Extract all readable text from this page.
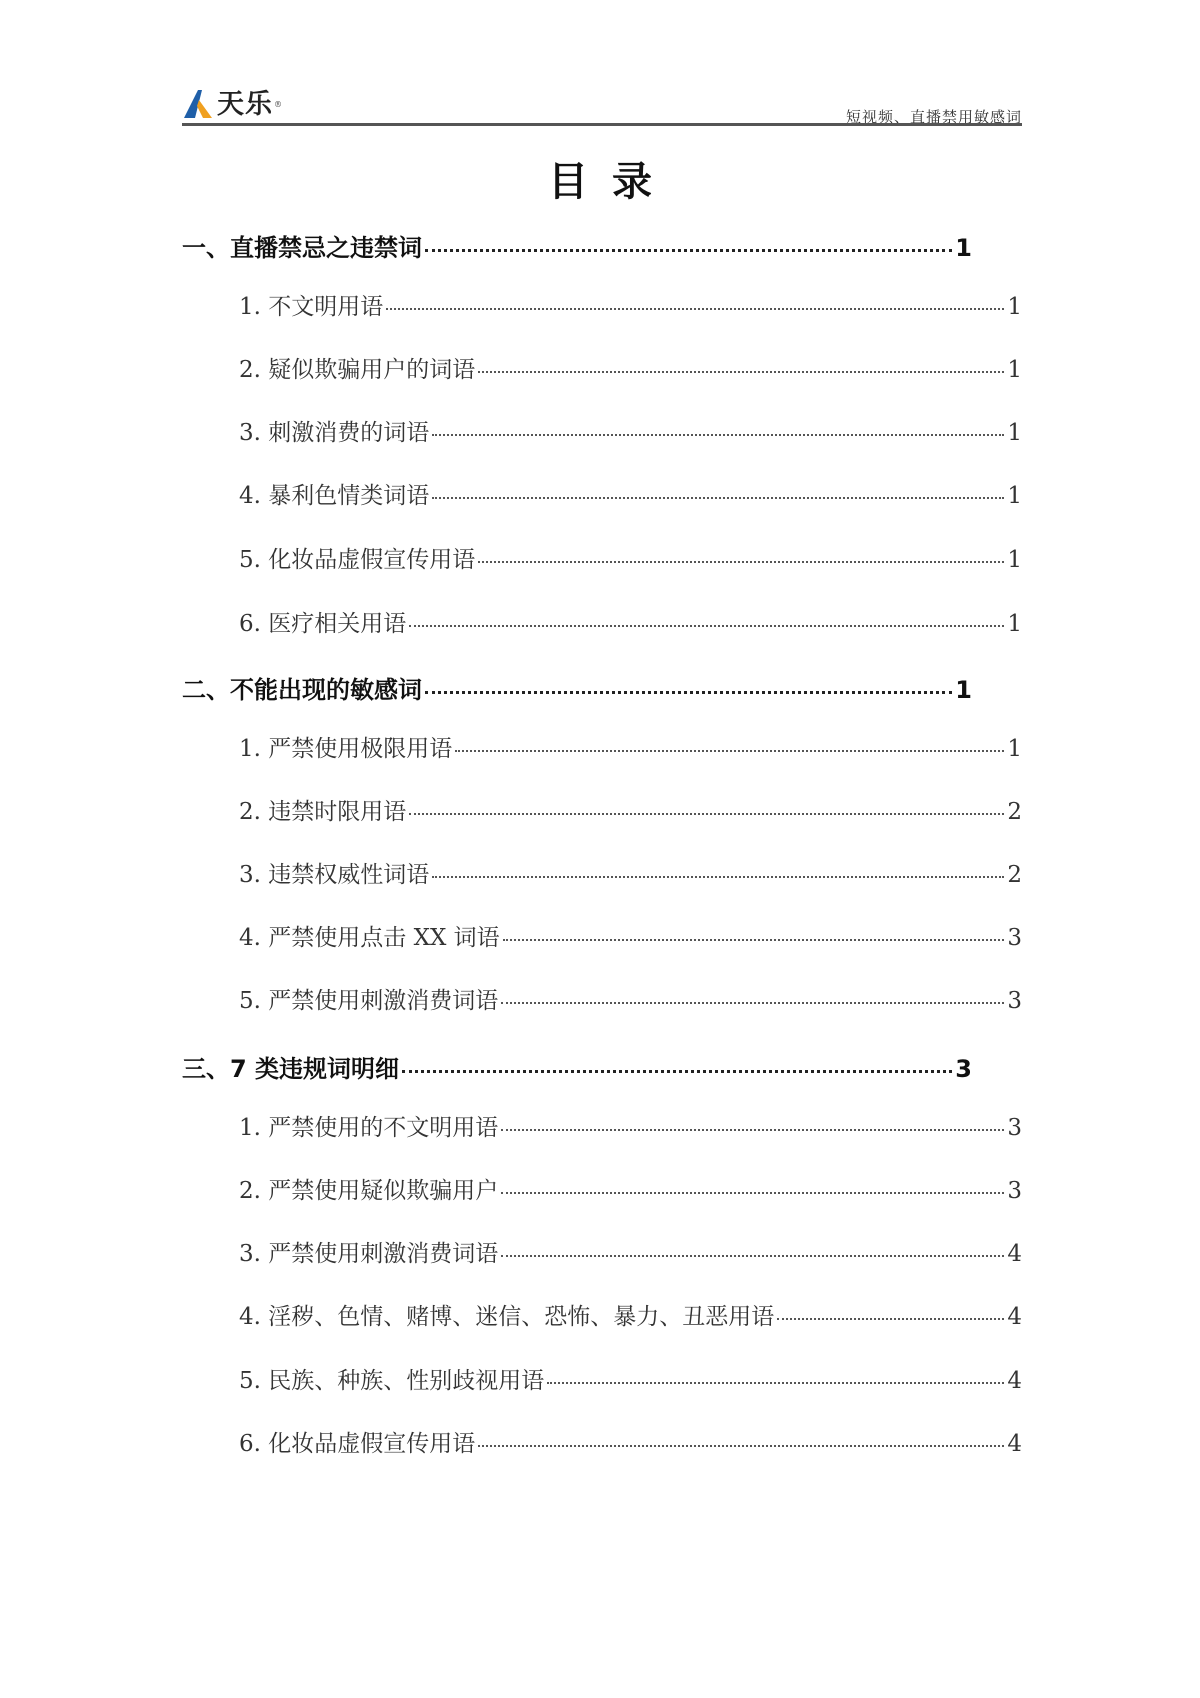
天乐 ®
短视频、直播禁用敏感词
目录
一、直播禁忌之违禁词	1
1. 不文明用语	1
2. 疑似欺骗用户的词语	1
3. 刺激消费的词语	1
4. 暴利色情类词语	1
5. 化妆品虚假宣传用语	1
6. 医疗相关用语	1
二、不能出现的敏感词	1
1. 严禁使用极限用语	1
2. 违禁时限用语	2
3. 违禁权威性词语	2
4. 严禁使用点击 XX 词语	3
5. 严禁使用刺激消费词语	3
三、7 类违规词明细	3
1. 严禁使用的不文明用语	3
2. 严禁使用疑似欺骗用户	3
3. 严禁使用刺激消费词语	4
4. 淫秽、色情、赌博、迷信、恐怖、暴力、丑恶用语	4
5. 民族、种族、性别歧视用语	4
6. 化妆品虚假宣传用语	4
